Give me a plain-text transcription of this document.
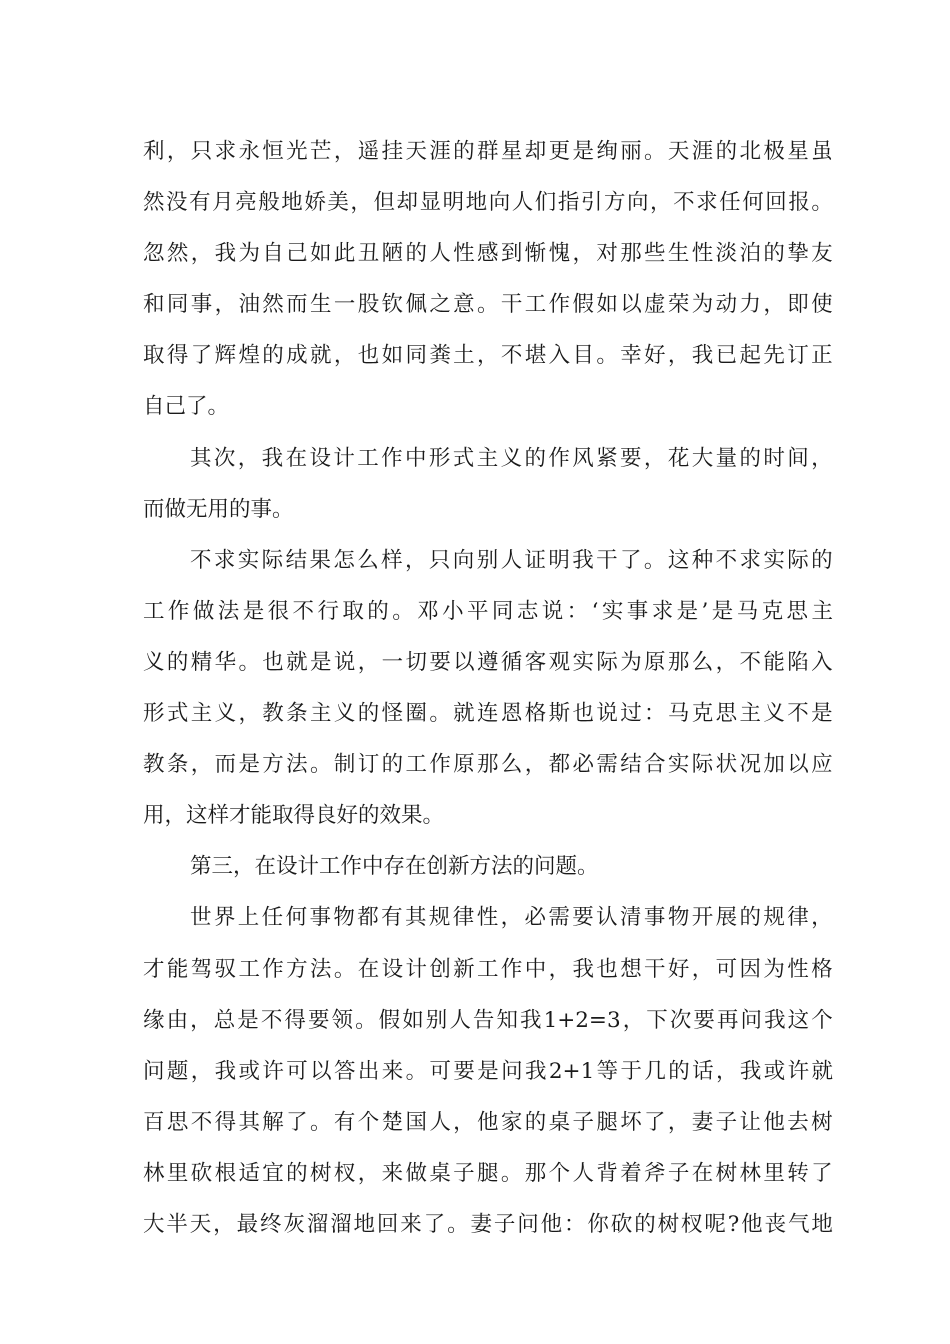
利 ， 只 求 永 恒 光 芒 ， 遥 挂 天 涯 的 群 星 却 更 是 绚 丽 。 天 涯 的 北 极 星 虽
然 没 有 月 亮 般 地 娇 美 ， 但 却 显 明 地 向 人 们 指 引 方 向 ， 不 求 任 何 回 报 。
忽 然 ， 我 为 自 己 如 此 丑 陋 的 人 性 感 到 惭 愧 ， 对 那 些 生 性 淡 泊 的 挚 友
和 同 事 ， 油 然 而 生 一 股 钦 佩 之 意 。 干 工 作 假 如 以 虚 荣 为 动 力 ， 即 使
取 得 了 辉 煌 的 成 就 ， 也 如 同 粪 土 ， 不 堪 入 目 。 幸 好 ， 我 已 起 先 订 正
自己了。
其 次 ， 我 在 设 计 工 作 中 形 式 主 义 的 作 风 紧 要 ， 花 大 量 的 时 间 ，
而做无用的事。
不 求 实 际 结 果 怎 么 样 ， 只 向 别 人 证 明 我 干 了 。 这 种 不 求 实 际 的
工 作 做 法 是 很 不 行 取 的 。 邓 小 平 同 志 说 ： ‘ 实 事 求 是 ’ 是 马 克 思 主
义 的 精 华 。 也 就 是 说 ， 一 切 要 以 遵 循 客 观 实 际 为 原 那 么 ， 不 能 陷 入
形 式 主 义 ， 教 条 主 义 的 怪 圈 。 就 连 恩 格 斯 也 说 过 ： 马 克 思 主 义 不 是
教 条 ， 而 是 方 法 。 制 订 的 工 作 原 那 么 ， 都 必 需 结 合 实 际 状 况 加 以 应
用，这样才能取得良好的效果。
第三，在设计工作中存在创新方法的问题。
世 界 上 任 何 事 物 都 有 其 规 律 性 ， 必 需 要 认 清 事 物 开 展 的 规 律 ，
才 能 驾 驭 工 作 方 法 。 在 设 计 创 新 工 作 中 ， 我 也 想 干 好 ， 可 因 为 性 格
缘 由 ， 总 是 不 得 要 领 。 假 如 别 人 告 知 我 1+2=3 ， 下 次 要 再 问 我 这 个
问 题 ， 我 或 许 可 以 答 出 来 。 可 要 是 问 我 2+1 等 于 几 的 话 ， 我 或 许 就
百 思 不 得 其 解 了 。 有 个 楚 国 人 ， 他 家 的 桌 子 腿 坏 了 ， 妻 子 让 他 去 树
林 里 砍 根 适 宜 的 树 杈 ， 来 做 桌 子 腿 。 那 个 人 背 着 斧 子 在 树 林 里 转 了
大 半 天 ， 最 终 灰 溜 溜 地 回 来 了 。 妻 子 问 他 ： 你 砍 的 树 杈 呢 ? 他 丧 气 地
